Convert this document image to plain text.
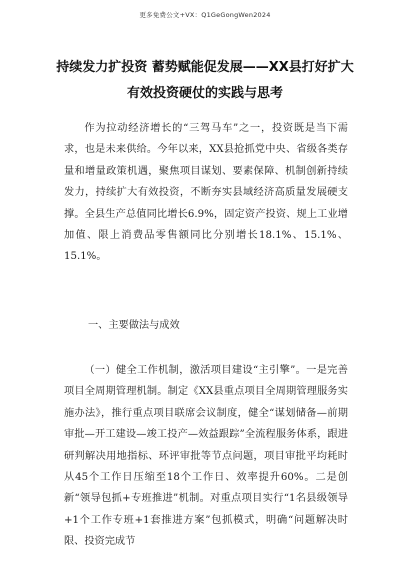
更多免费公文+VX：Q1GeGongWen2024
持续发力扩投资 蓄势赋能促发展——XX县打好扩大
有效投资硬仗的实践与思考
作为拉动经济增长的“三驾马车”之一，投资既是当下需求，也是未来供给。今年以来，XX县抢抓党中央、省级各类存量和增量政策机遇，聚焦项目谋划、要素保障、机制创新持续发力，持续扩大有效投资，不断夯实县域经济高质量发展硬支撑。全县生产总值同比增长6.9%，固定资产投资、规上工业增加值、限上消费品零售额同比分别增长18.1%、15.1%、15.1%。
一、主要做法与成效
（一）健全工作机制，激活项目建设“主引擎”。一是完善项目全周期管理机制。制定《XX县重点项目全周期管理服务实施办法》，推行重点项目联席会议制度，健全“谋划储备—前期审批—开工建设—竣工投产—效益跟踪”全流程服务体系，跟进研判解决用地指标、环评审批等节点问题，项目审批平均耗时从45个工作日压缩至18个工作日、效率提升60%。二是创新“领导包抓+专班推进”机制。对重点项目实行“1名县级领导+1个工作专班+1套推进方案”包抓模式，明确“问题解决时限、投资完成节
